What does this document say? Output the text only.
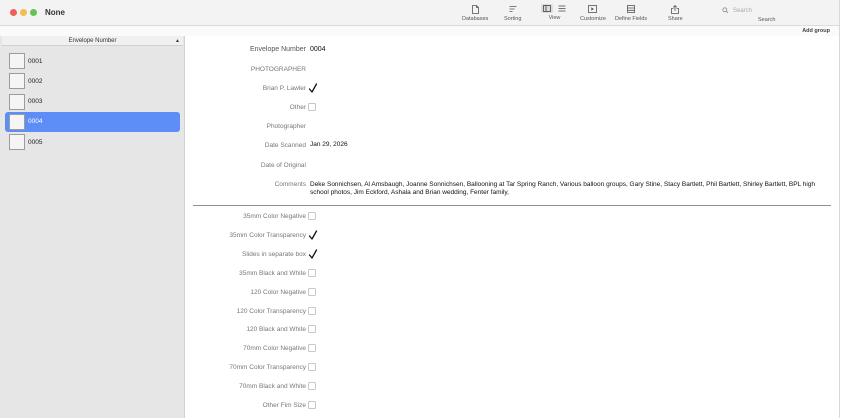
None
Databases	Sorting	View	Customize Define Fields	Share
Search
Search
Add group
Envelope Number	▲
0001
0002
0003
0004
0005
Envelope Number 0004
PHOTOGRAPHER
Brian P. Lawler
Other
Photographer
Date Scanned Jan 29, 2026
Date of Original
Comments Deke Sonnichsen, Al Amsbaugh, Joanne Sonnichsen, Ballooning at Tar Spring Ranch, Various balloon groups, Gary Stine, Stacy Bartlett, Phil Bartlett, Shirley Bartlett, BPL high school photos, Jim Eckford, Ashala and Brian wedding, Fenter family,
35mm Color Negative
35mm Color Transparency
Slides in separate box
35mm Black and White
120 Color Negative
120 Color Transparency
120 Black and White
70mm Color Negative
70mm Color Transparency
70mm Black and White
Other Fim Size
